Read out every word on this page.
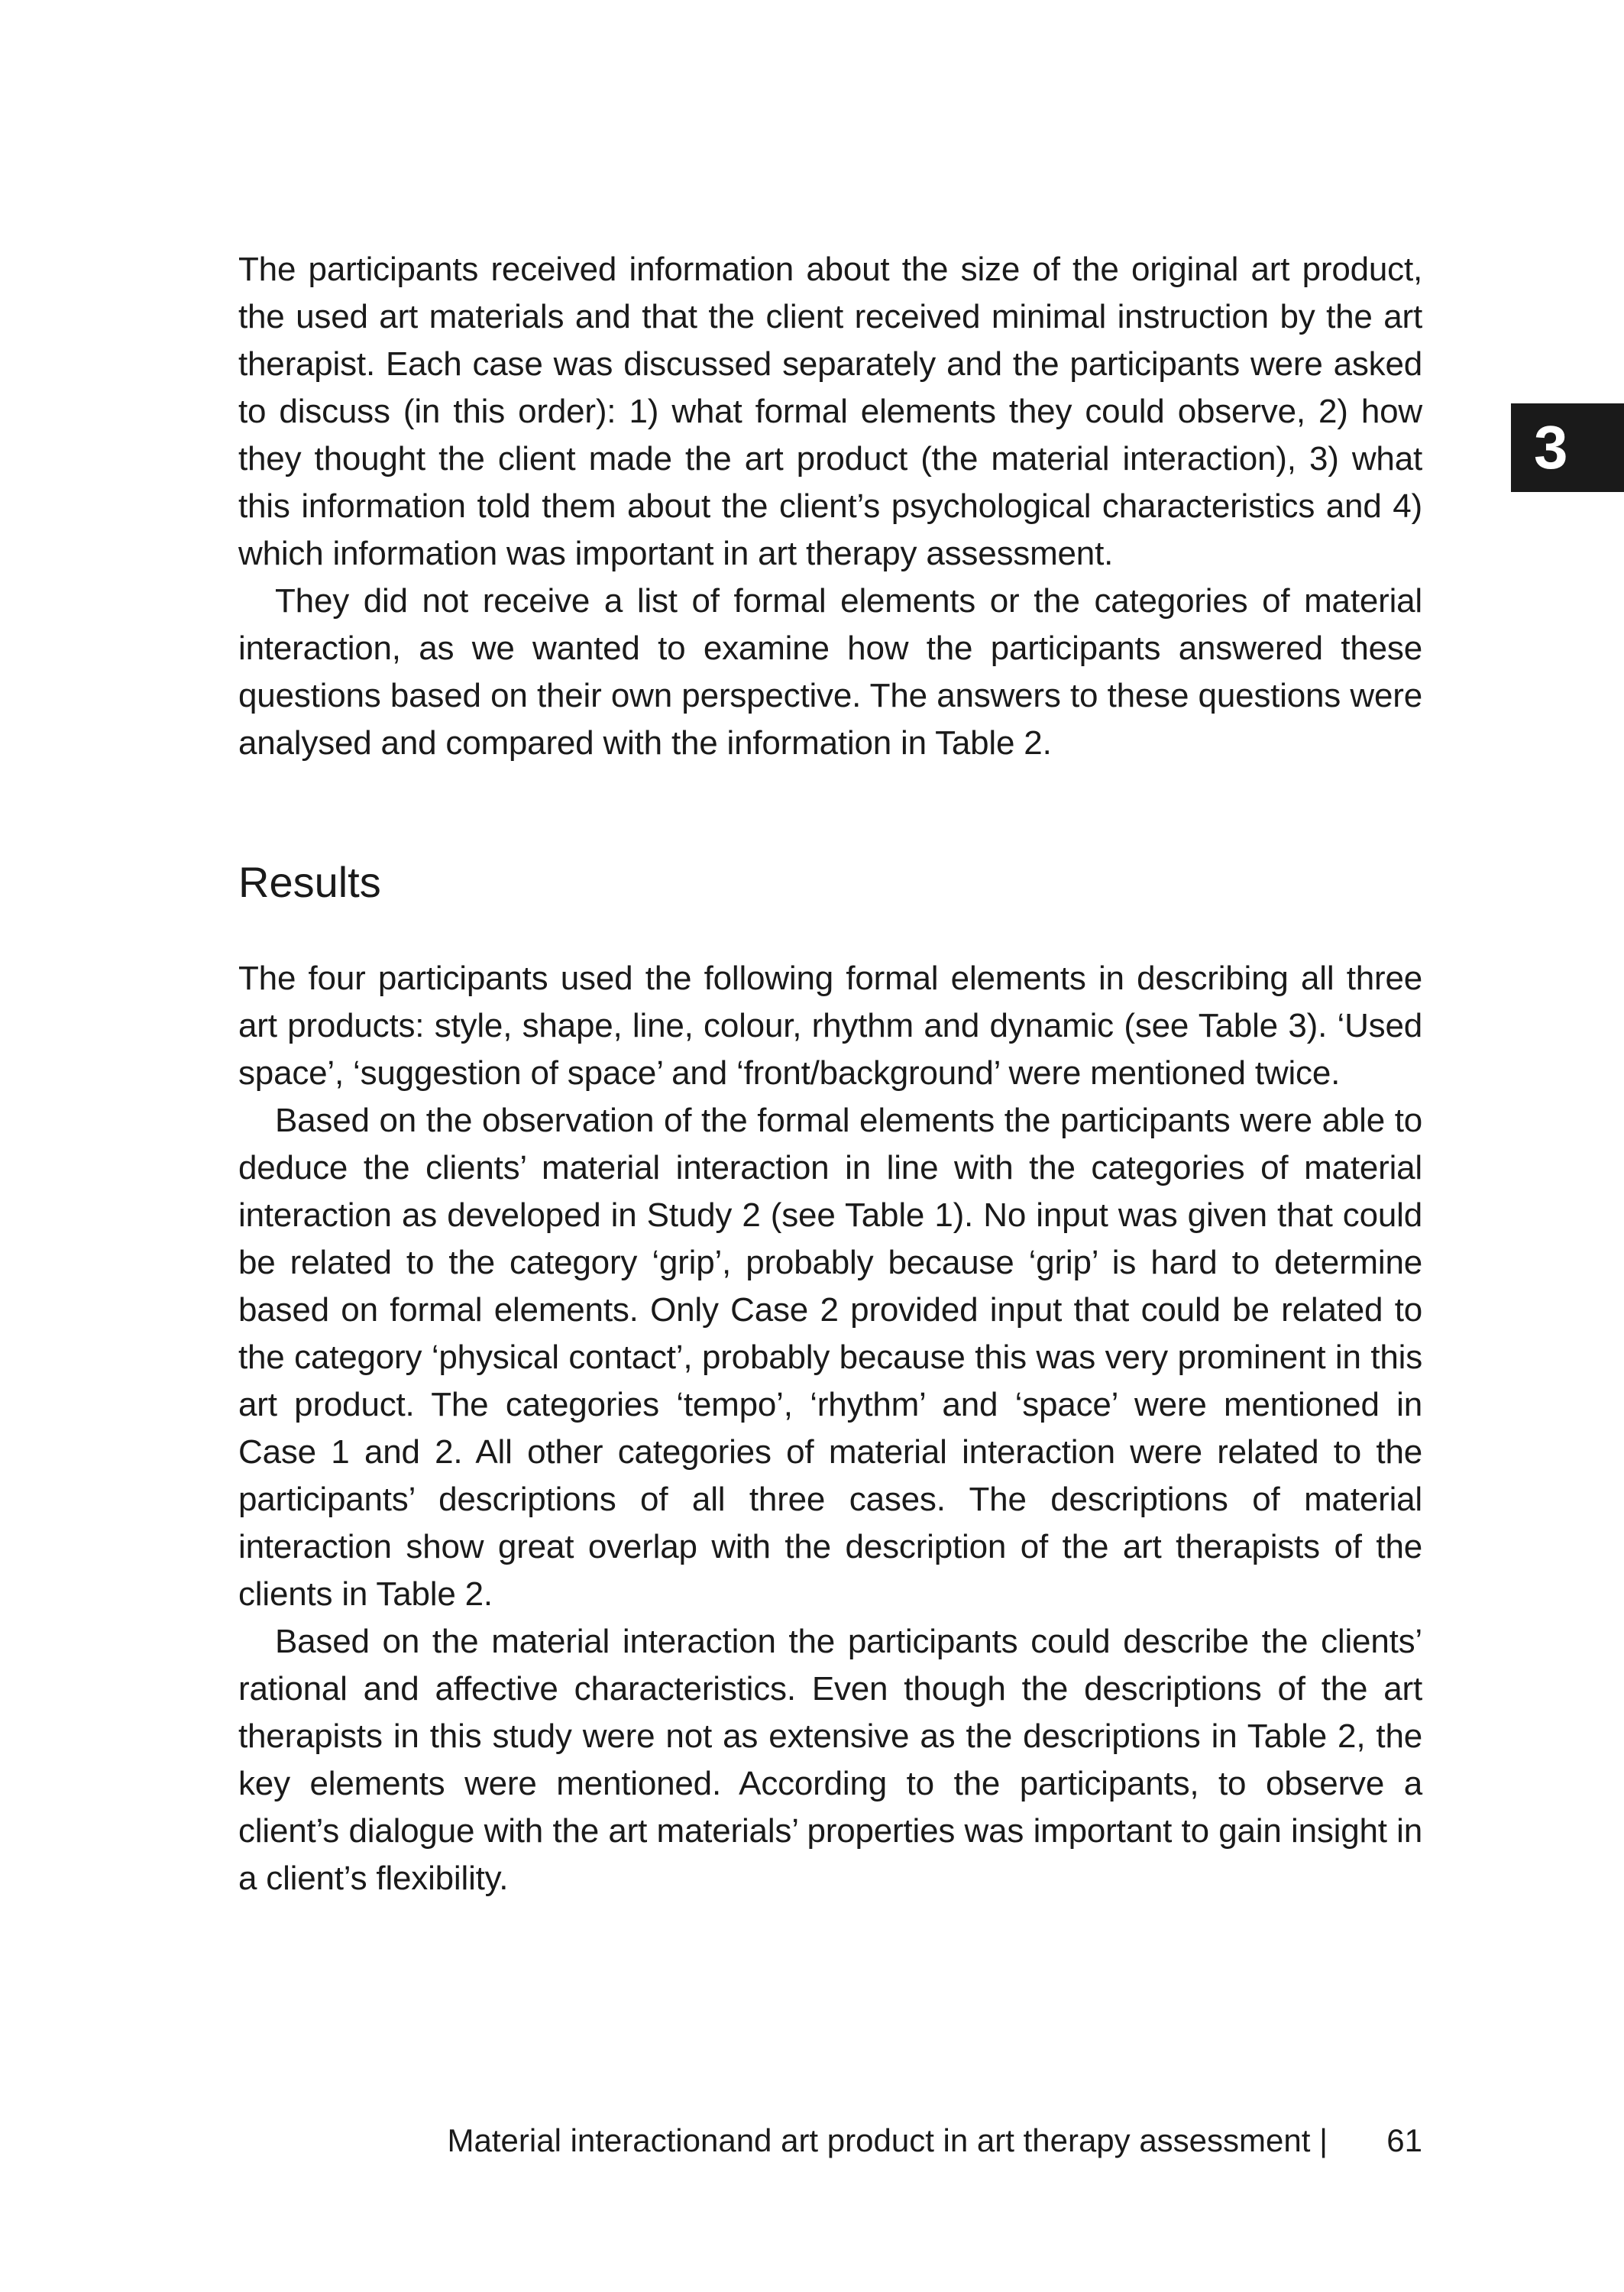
3

The participants received information about the size of the original art product, the used art materials and that the client received minimal instruction by the art therapist. Each case was discussed separately and the participants were asked to discuss (in this order): 1) what formal elements they could observe, 2) how they thought the client made the art product (the material interaction), 3) what this information told them about the client’s psychological characteristics and 4) which information was important in art therapy assessment.

They did not receive a list of formal elements or the categories of material interaction, as we wanted to examine how the participants answered these questions based on their own perspective. The answers to these questions were analysed and compared with the information in Table 2.

Results

The four participants used the following formal elements in describing all three art products: style, shape, line, colour, rhythm and dynamic (see Table 3). ‘Used space’, ‘suggestion of space’ and ‘front/background’ were mentioned twice.

Based on the observation of the formal elements the participants were able to deduce the clients’ material interaction in line with the categories of material interaction as developed in Study 2 (see Table 1). No input was given that could be related to the category ‘grip’, probably because ‘grip’ is hard to determine based on formal elements. Only Case 2 provided input that could be related to the category ‘physical contact’, probably because this was very prominent in this art product. The categories ‘tempo’, ‘rhythm’ and ‘space’ were mentioned in Case 1 and 2. All other categories of material interaction were related to the participants’ descriptions of all three cases. The descriptions of material interaction show great overlap with the description of the art therapists of the clients in Table 2.

Based on the material interaction the participants could describe the clients’ rational and affective characteristics. Even though the descriptions of the art therapists in this study were not as extensive as the descriptions in Table 2, the key elements were mentioned. According to the participants, to observe a client’s dialogue with the art materials’ properties was important to gain insight in a client’s flexibility.

Material interactionand art product in art therapy assessment | 61
